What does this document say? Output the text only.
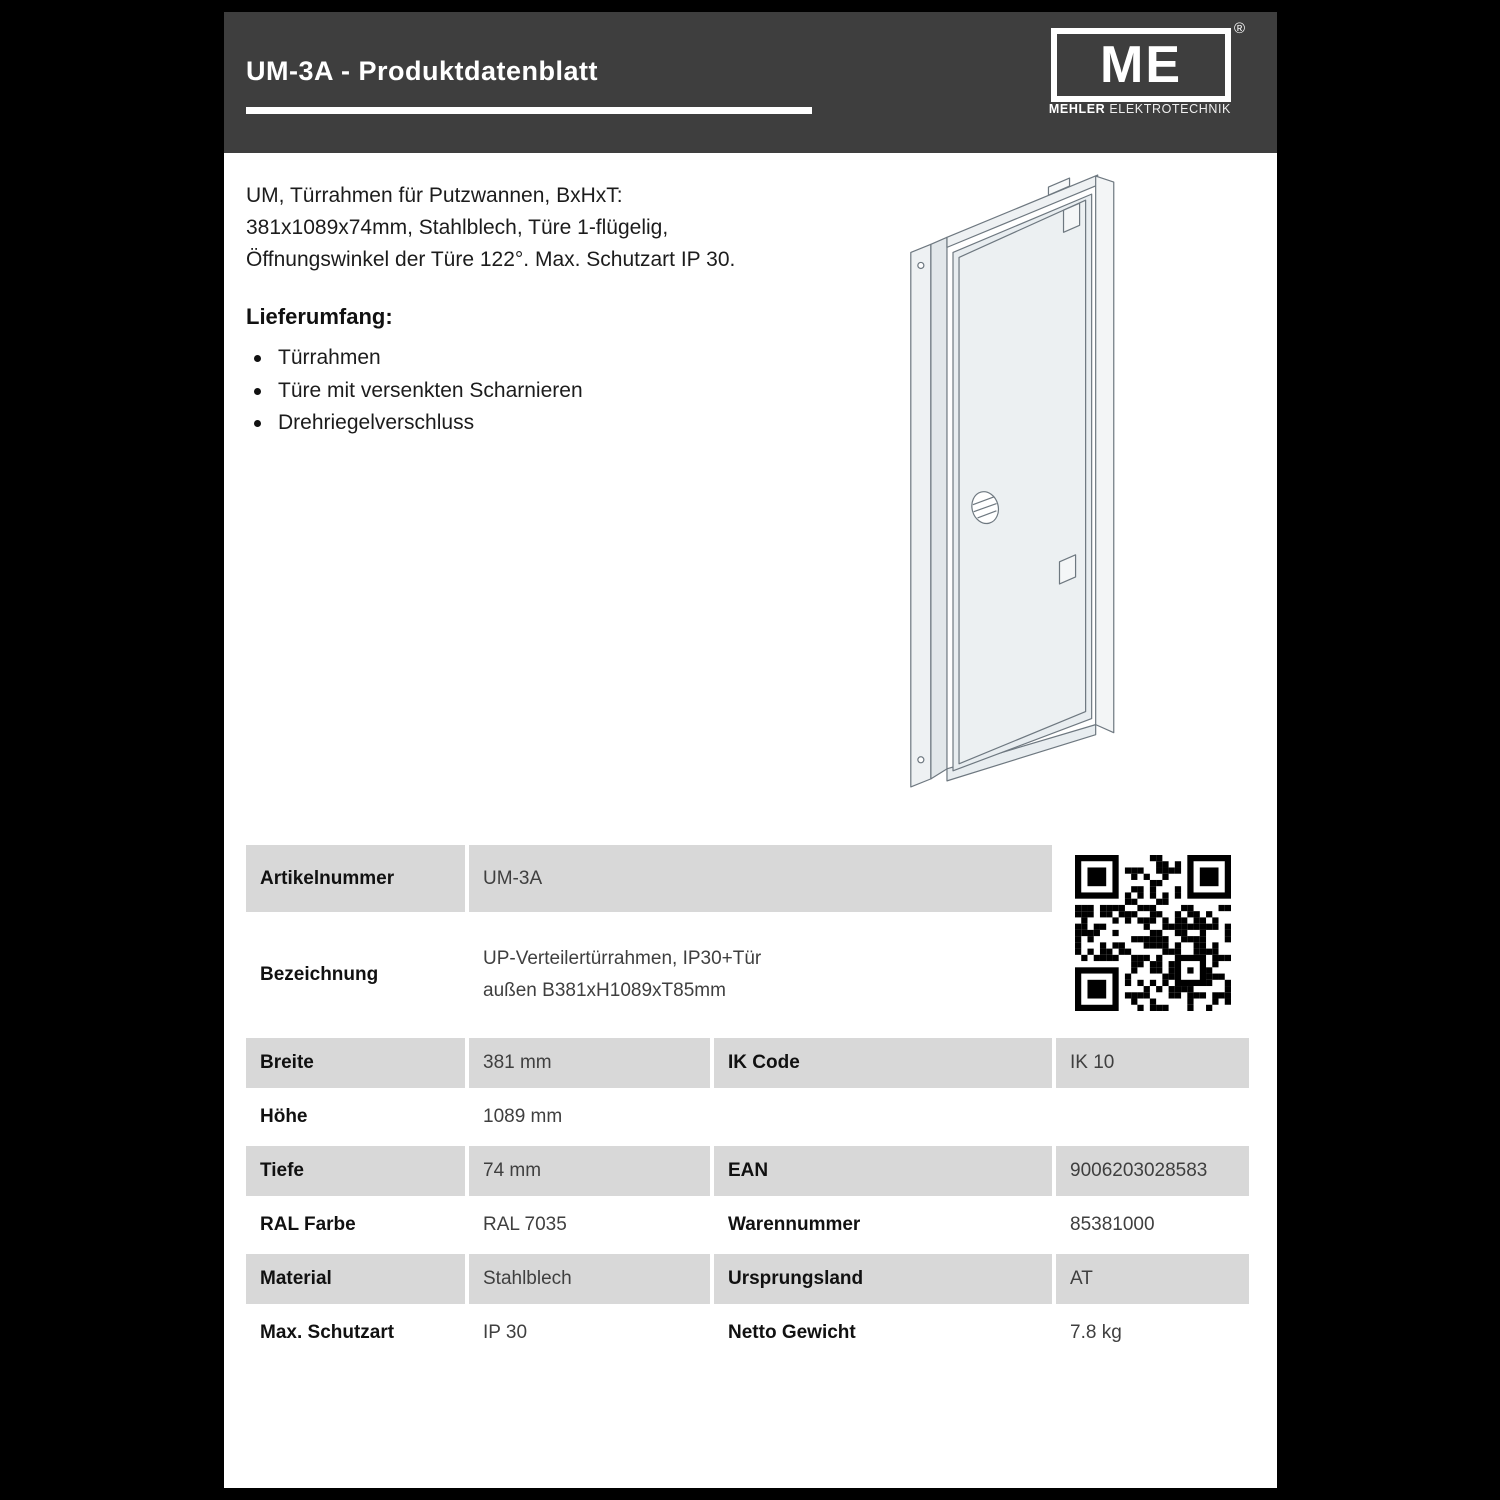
UM-3A - Produktdatenblatt	ME
®
MEHLER ELEKTROTECHNIK
UM, Türrahmen für Putzwannen, BxHxT:
381x1089x74mm, Stahlblech, Türe 1-flügelig,
Öffnungswinkel der Türe 122°. Max. Schutzart IP 30.
Lieferumfang:
Türrahmen
Türe mit versenkten Scharnieren
Drehriegelverschluss
Artikelnummer	UM-3A
Bezeichnung
UP-Verteilertürrahmen, IP30+Tür
außen B381xH1089xT85mm
Breite	381 mm	IK Code	IK 10
Höhe	1089 mm
Tiefe	74 mm	EAN	9006203028583
RAL Farbe	RAL 7035	Warennummer	85381000
Material	Stahlblech	Ursprungsland	AT
Max. Schutzart	IP 30	Netto Gewicht	7.8 kg
